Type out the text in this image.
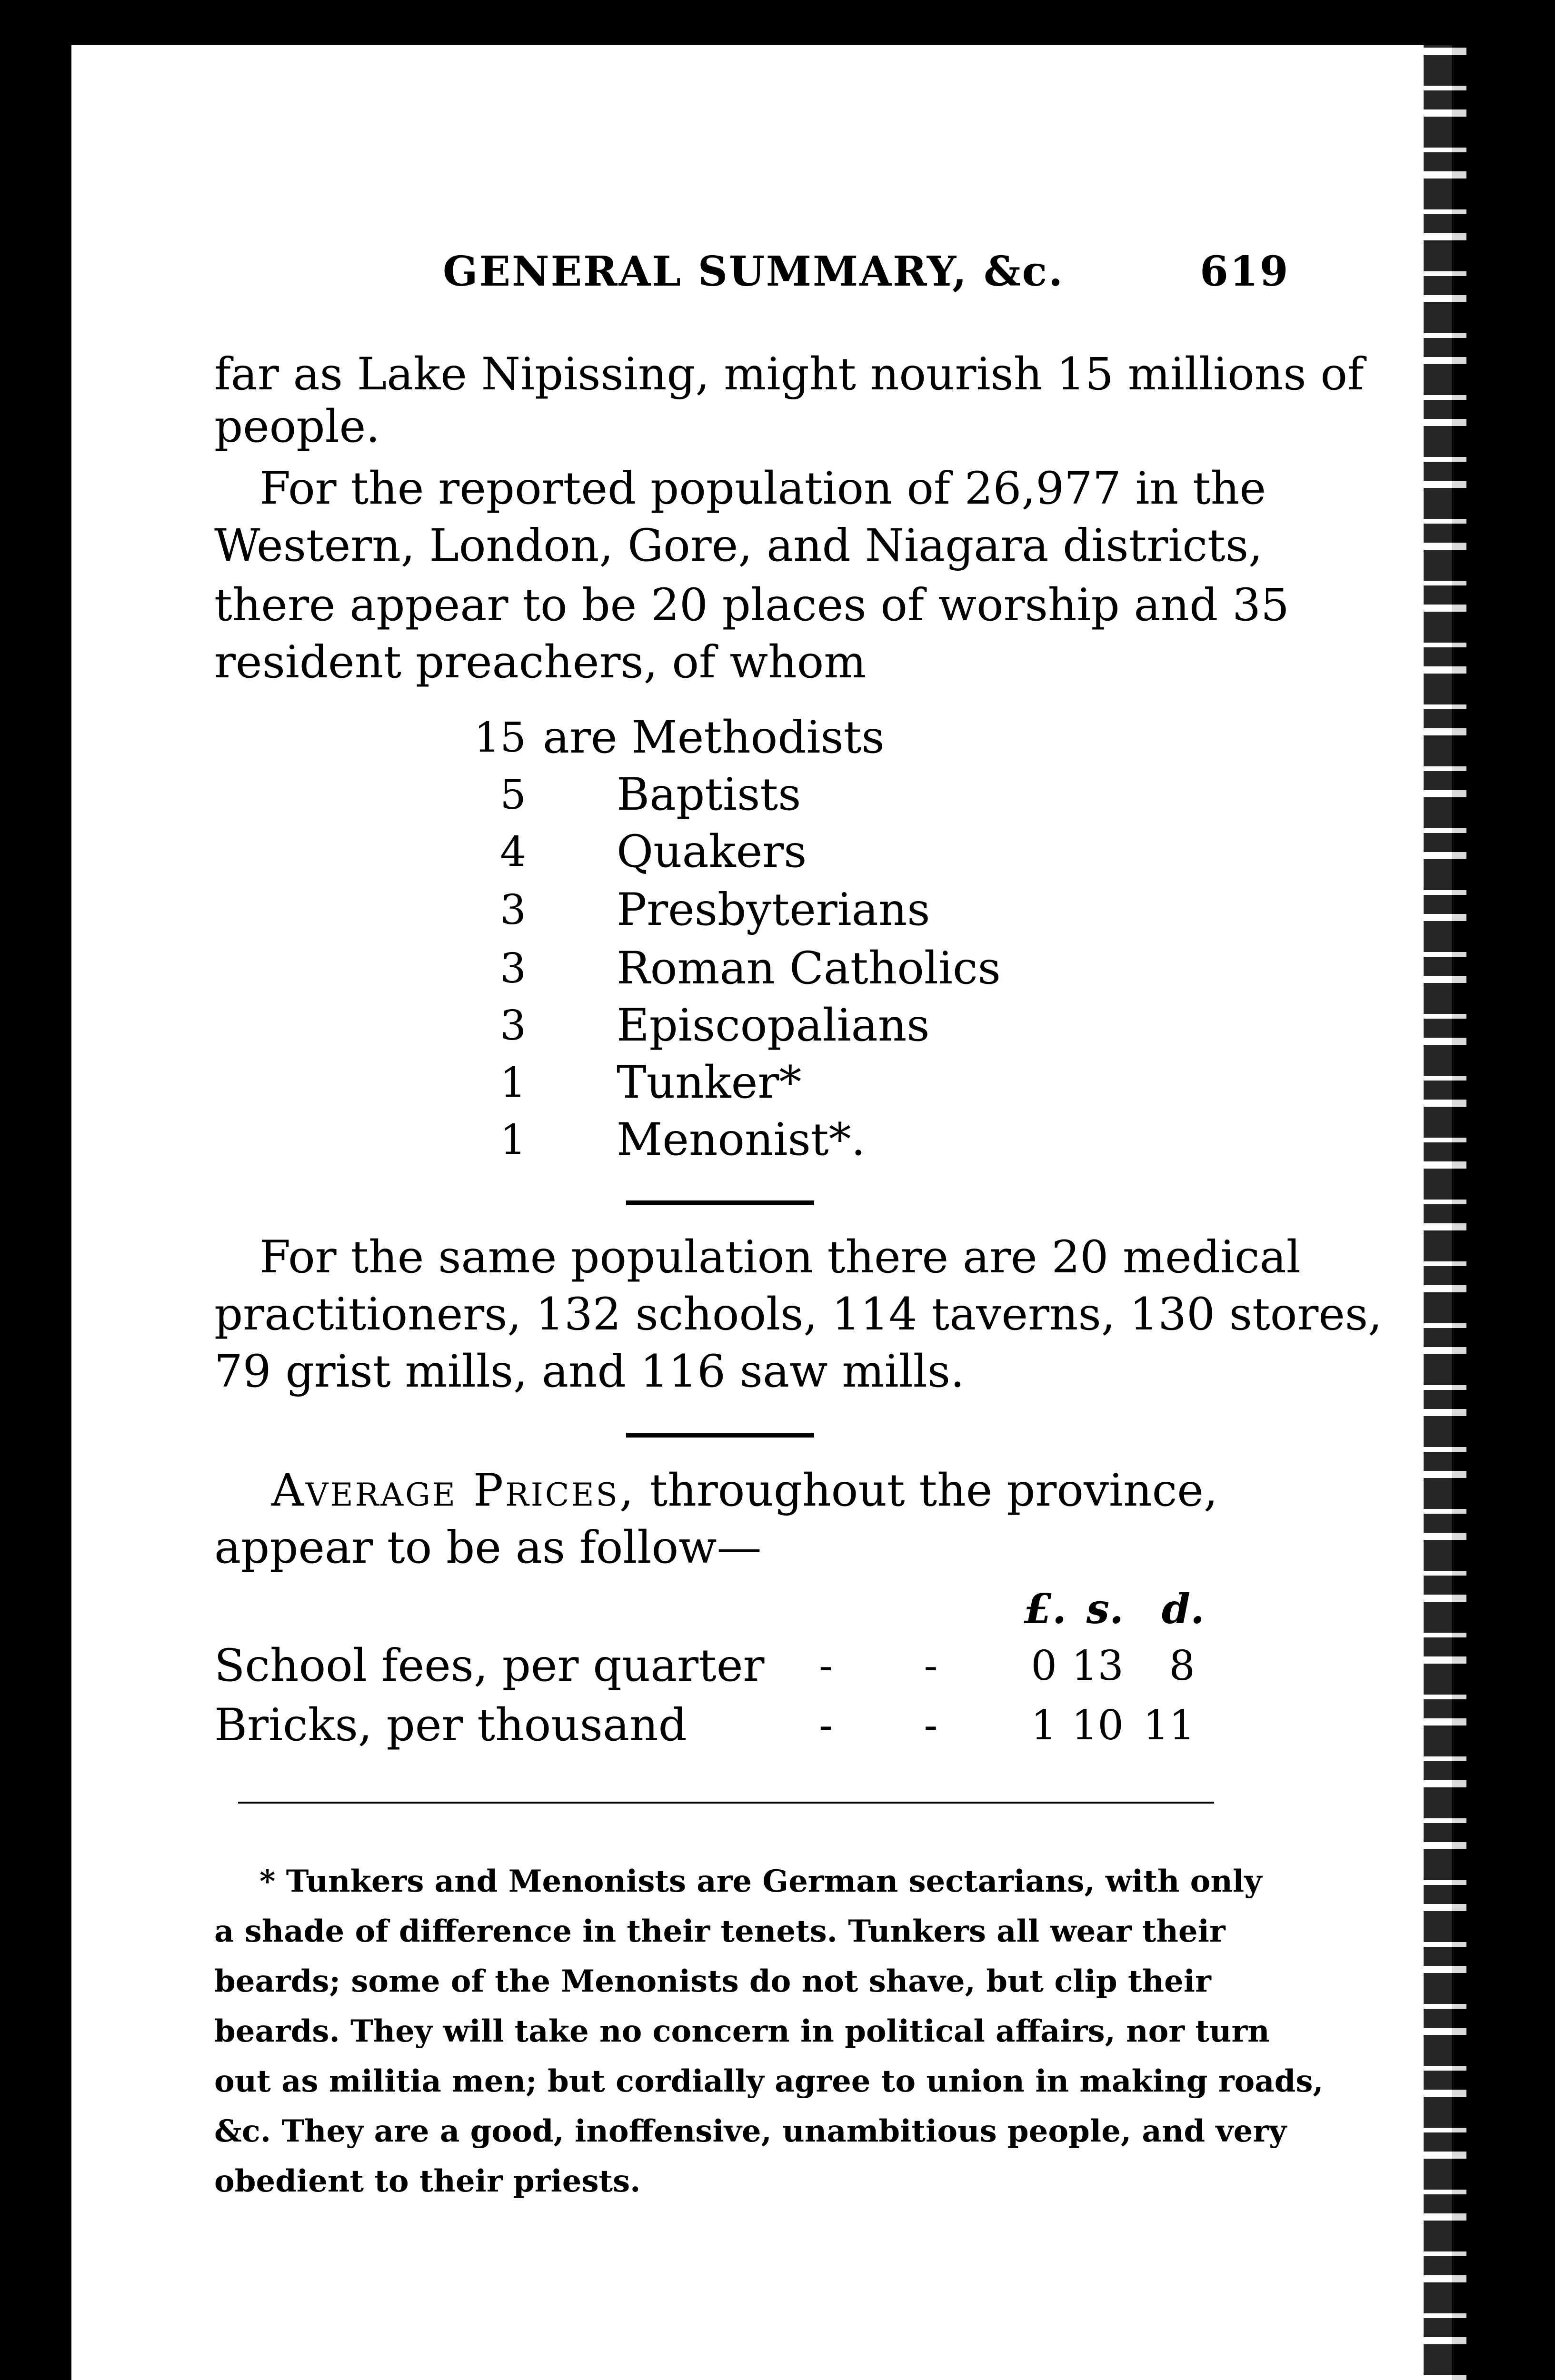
GENERAL SUMMARY, &c.	619
far as Lake Nipissing, might nourish 15 millions of
people.
For the reported population of 26,977 in the
Western, London, Gore, and Niagara districts,
there appear to be 20 places of worship and 35
resident preachers, of whom
15 are Methodists
5 Baptists
4 Quakers
3 Presbyterians
3 Roman Catholics
3 Episcopalians
1 Tunker*
1 Menonist*.
For the same population there are 20 medical
practitioners, 132 schools, 114 taverns, 130 stores,
79 grist mills, and 116 saw mills.
Average Prices, throughout the province,
appear to be as follow—
£. s. d.
School fees, per quarter -       -	0 13	8
Bricks, per thousand	-       -	1 10 11
* Tunkers and Menonists are German sectarians, with only
a shade of difference in their tenets. Tunkers all wear their
beards; some of the Menonists do not shave, but clip their
beards. They will take no concern in political affairs, nor turn
out as militia men; but cordially agree to union in making roads,
&c. They are a good, inoffensive, unambitious people, and very
obedient to their priests.
